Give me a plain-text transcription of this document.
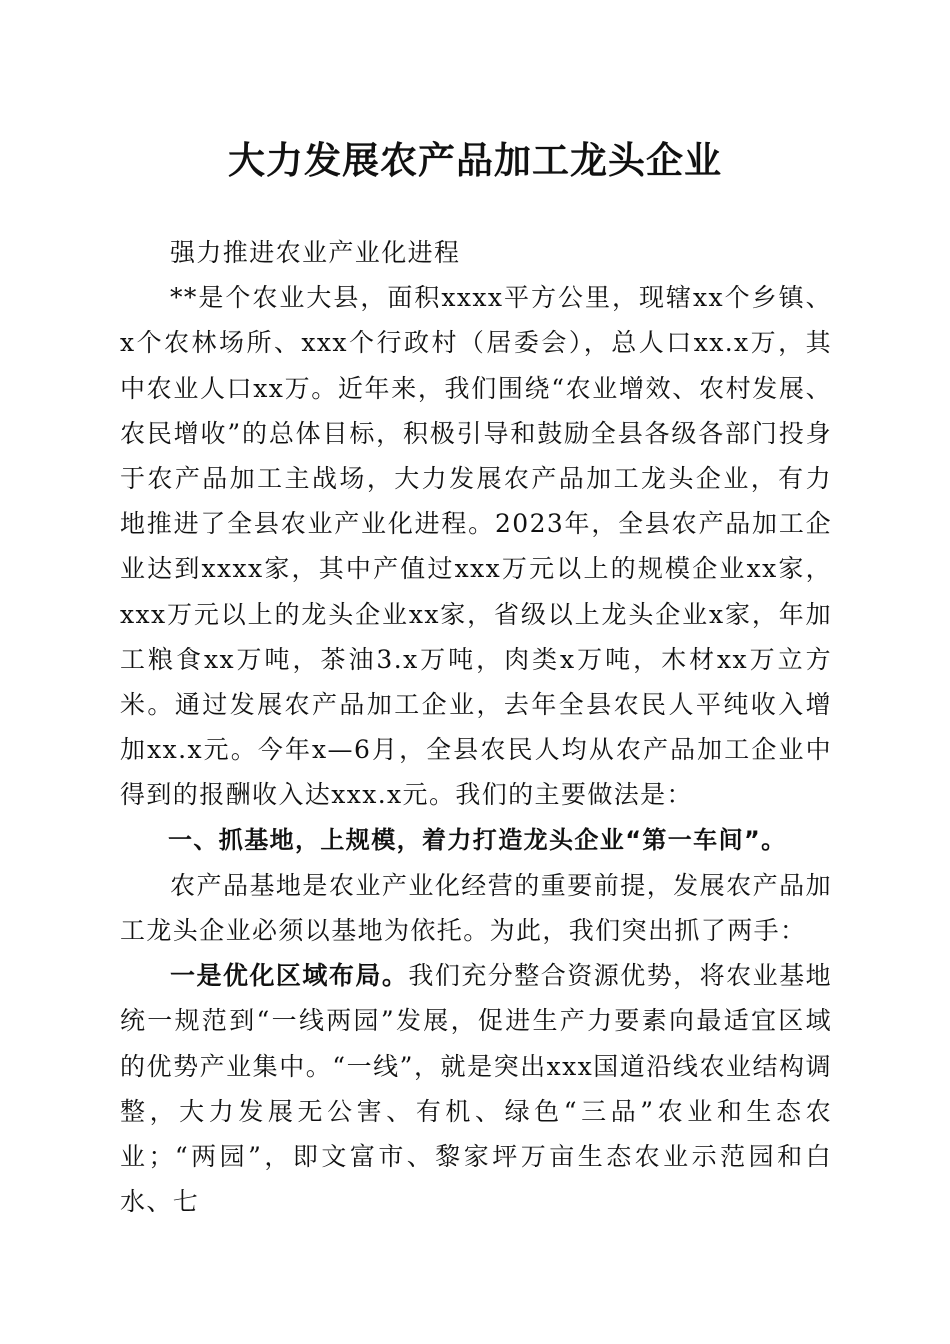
大力发展农产品加工龙头企业

强力推进农业产业化进程

**是个农业大县，面积xxxx平方公里，现辖xx个乡镇、x个农林场所、xxx个行政村（居委会），总人口xx.x万，其中农业人口xx万。近年来，我们围绕“农业增效、农村发展、农民增收”的总体目标，积极引导和鼓励全县各级各部门投身于农产品加工主战场，大力发展农产品加工龙头企业，有力地推进了全县农业产业化进程。2023年，全县农产品加工企业达到xxxx家，其中产值过xxx万元以上的规模企业xx家，xxx万元以上的龙头企业xx家，省级以上龙头企业x家，年加工粮食xx万吨，茶油3.x万吨，肉类x万吨，木材xx万立方米。通过发展农产品加工企业，去年全县农民人平纯收入增加xx.x元。今年x—6月，全县农民人均从农产品加工企业中得到的报酬收入达xxx.x元。我们的主要做法是：

一、抓基地，上规模，着力打造龙头企业“第一车间”。

农产品基地是农业产业化经营的重要前提，发展农产品加工龙头企业必须以基地为依托。为此，我们突出抓了两手：

一是优化区域布局。我们充分整合资源优势，将农业基地统一规范到“一线两园”发展，促进生产力要素向最适宜区域的优势产业集中。“一线”，就是突出xxx国道沿线农业结构调整，大力发展无公害、有机、绿色“三品”农业和生态农业；“两园”，即文富市、黎家坪万亩生态农业示范园和白水、七
